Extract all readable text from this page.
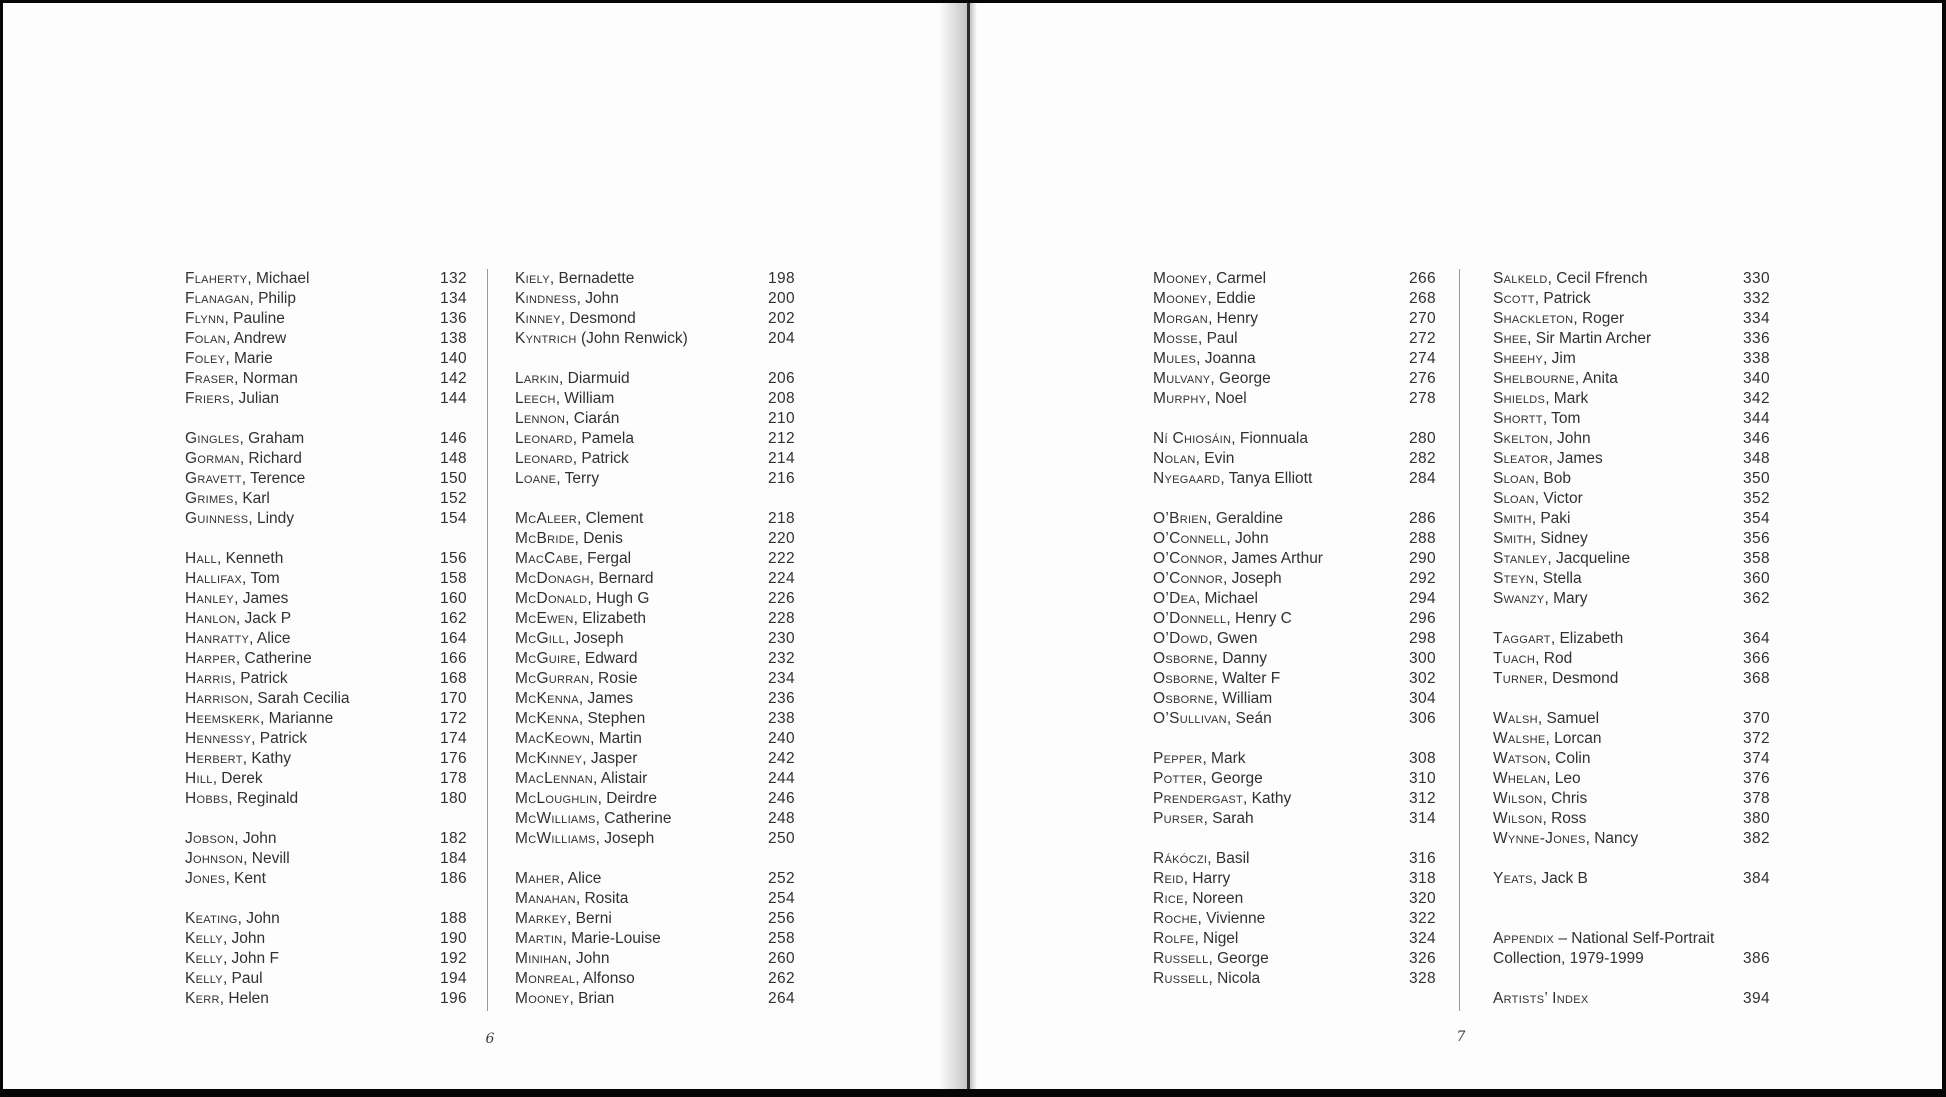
Flaherty, Michael	132
Flanagan, Philip	134
Flynn, Pauline	136
Folan, Andrew	138
Foley, Marie	140
Fraser, Norman	142
Friers, Julian	144
Gingles, Graham	146
Gorman, Richard	148
Gravett, Terence	150
Grimes, Karl	152
Guinness, Lindy	154
Hall, Kenneth	156
Hallifax, Tom	158
Hanley, James	160
Hanlon, Jack P	162
Hanratty, Alice	164
Harper, Catherine	166
Harris, Patrick	168
Harrison, Sarah Cecilia	170
Heemskerk, Marianne	172
Hennessy, Patrick	174
Herbert, Kathy	176
Hill, Derek	178
Hobbs, Reginald	180
Jobson, John	182
Johnson, Nevill	184
Jones, Kent	186
Keating, John	188
Kelly, John	190
Kelly, John F	192
Kelly, Paul	194
Kerr, Helen	196
Kiely, Bernadette	198
Kindness, John	200
Kinney, Desmond	202
Kyntrich (John Renwick)	204
Larkin, Diarmuid	206
Leech, William	208
Lennon, Ciarán	210
Leonard, Pamela	212
Leonard, Patrick	214
Loane, Terry	216
McAleer, Clement	218
McBride, Denis	220
MacCabe, Fergal	222
McDonagh, Bernard	224
McDonald, Hugh G	226
McEwen, Elizabeth	228
McGill, Joseph	230
McGuire, Edward	232
McGurran, Rosie	234
McKenna, James	236
McKenna, Stephen	238
MacKeown, Martin	240
McKinney, Jasper	242
MacLennan, Alistair	244
McLoughlin, Deirdre	246
McWilliams, Catherine	248
McWilliams, Joseph	250
Maher, Alice	252
Manahan, Rosita	254
Markey, Berni	256
Martin, Marie-Louise	258
Minihan, John	260
Monreal, Alfonso	262
Mooney, Brian	264
Mooney, Carmel	266
Mooney, Eddie	268
Morgan, Henry	270
Mosse, Paul	272
Mules, Joanna	274
Mulvany, George	276
Murphy, Noel	278
Ní Chiosáin, Fionnuala	280
Nolan, Evin	282
Nyegaard, Tanya Elliott	284
O’Brien, Geraldine	286
O’Connell, John	288
O’Connor, James Arthur	290
O’Connor, Joseph	292
O’Dea, Michael	294
O’Donnell, Henry C	296
O’Dowd, Gwen	298
Osborne, Danny	300
Osborne, Walter F	302
Osborne, William	304
O’Sullivan, Seán	306
Pepper, Mark	308
Potter, George	310
Prendergast, Kathy	312
Purser, Sarah	314
Rákóczi, Basil	316
Reid, Harry	318
Rice, Noreen	320
Roche, Vivienne	322
Rolfe, Nigel	324
Russell, George	326
Russell, Nicola	328
Salkeld, Cecil Ffrench	330
Scott, Patrick	332
Shackleton, Roger	334
Shee, Sir Martin Archer	336
Sheehy, Jim	338
Shelbourne, Anita	340
Shields, Mark	342
Shortt, Tom	344
Skelton, John	346
Sleator, James	348
Sloan, Bob	350
Sloan, Victor	352
Smith, Paki	354
Smith, Sidney	356
Stanley, Jacqueline	358
Steyn, Stella	360
Swanzy, Mary	362
Taggart, Elizabeth	364
Tuach, Rod	366
Turner, Desmond	368
Walsh, Samuel	370
Walshe, Lorcan	372
Watson, Colin	374
Whelan, Leo	376
Wilson, Chris	378
Wilson, Ross	380
Wynne-Jones, Nancy	382
Yeats, Jack B	384
Appendix – National Self-Portrait
Collection, 1979-1999	386
Artists’ Index	394
6	7
